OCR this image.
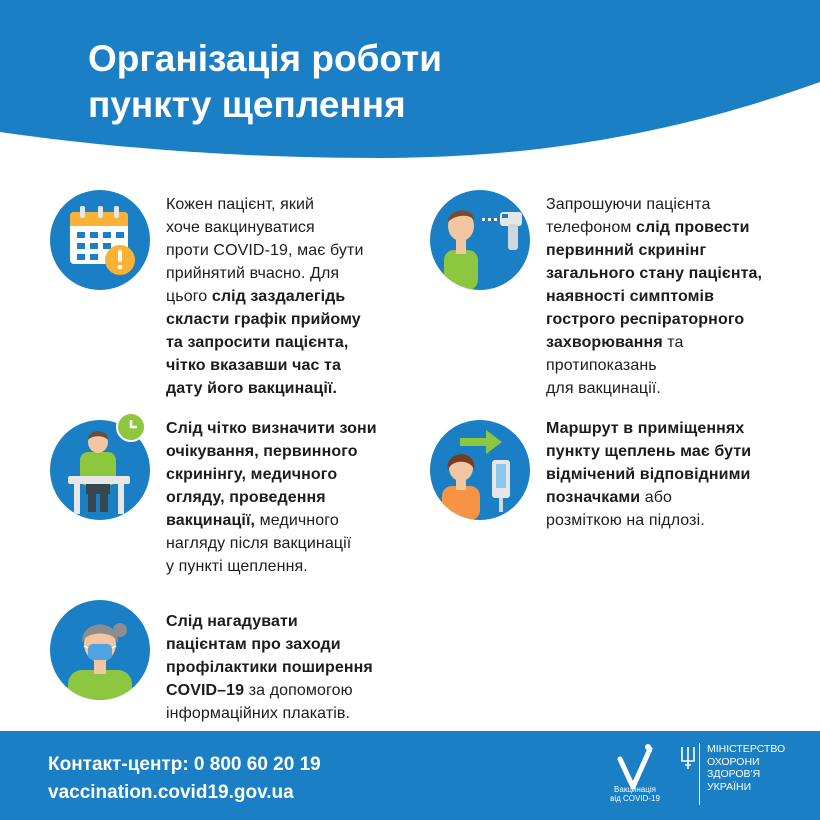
Організація роботи
пункту щеплення
Кожен пацієнт, який
хоче вакцинуватися
проти COVID-19, має бути
прийнятий вчасно. Для
цього слід заздалегідь
скласти графік прийому
та запросити пацієнта,
чітко вказавши час та
дату його вакцинації.
Запрошуючи пацієнта
телефоном слід провести
первинний скринінг
загального стану пацієнта,
наявності симптомів
гострого респіраторного
захворювання та
протипоказань
для вакцинації.
Слід чітко визначити зони
очікування, первинного
скринінгу, медичного
огляду, проведення
вакцинації, медичного
нагляду після вакцинації
у пункті щеплення.
Маршрут в приміщеннях
пункту щеплень має бути
відмічений відповідними
позначками або
розміткою на підлозі.
Слід нагадувати
пацієнтам про заходи
профілактики поширення
COVID–19 за допомогою
інформаційних плакатів.
Контакт-центр: 0 800 60 20 19
vaccination.covid19.gov.ua	Вакцинація
від COVID-19
МІНІСТЕРСТВО
ОХОРОНИ
ЗДОРОВ'Я
УКРАЇНИ
